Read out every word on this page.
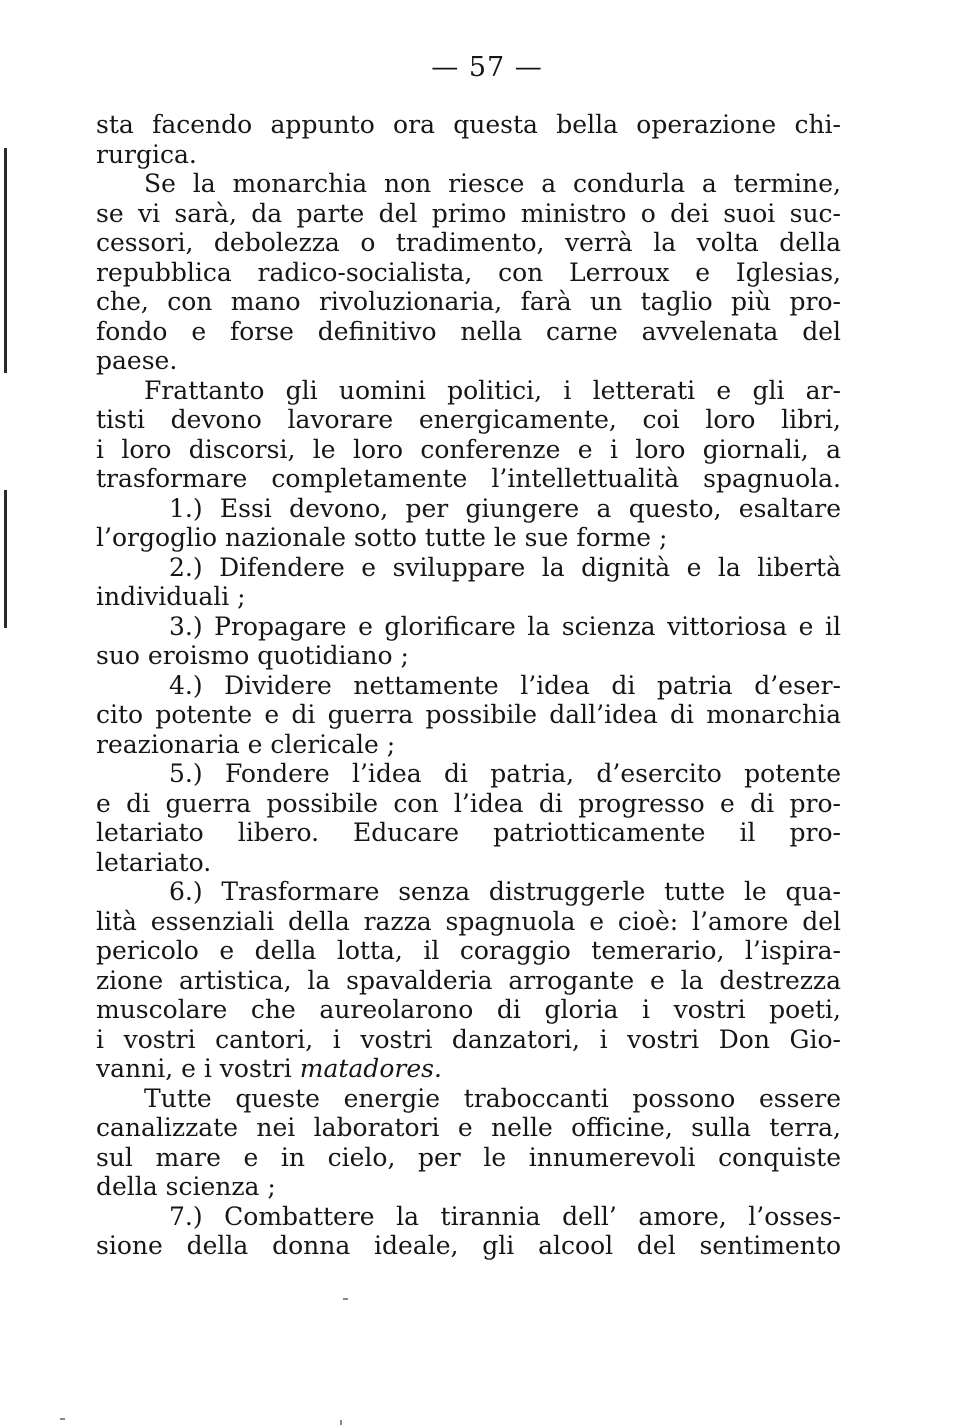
— 57 —
sta facendo appunto ora questa bella operazione chi-
rurgica.
Se la monarchia non riesce a condurla a termine,
se vi sarà, da parte del primo ministro o dei suoi suc-
cessori, debolezza o tradimento, verrà la volta della
repubblica radico-socialista, con Lerroux e Iglesias,
che, con mano rivoluzionaria, farà un taglio più pro-
fondo e forse definitivo nella carne avvelenata del
paese.
Frattanto gli uomini politici, i letterati e gli ar-
tisti devono lavorare energicamente, coi loro libri,
i loro discorsi, le loro conferenze e i loro giornali, a
trasformare completamente l’intellettualità spagnuola.
1.) Essi devono, per giungere a questo, esaltare
l’orgoglio nazionale sotto tutte le sue forme ;
2.) Difendere e sviluppare la dignità e la libertà
individuali ;
3.) Propagare e glorificare la scienza vittoriosa e il
suo eroismo quotidiano ;
4.) Dividere nettamente l’idea di patria d’eser-
cito potente e di guerra possibile dall’idea di monarchia
reazionaria e clericale ;
5.) Fondere l’idea di patria, d’esercito potente
e di guerra possibile con l’idea di progresso e di pro-
letariato libero. Educare patriotticamente il pro-
letariato.
6.) Trasformare senza distruggerle tutte le qua-
lità essenziali della razza spagnuola e cioè: l’amore del
pericolo e della lotta, il coraggio temerario, l’ispira-
zione artistica, la spavalderia arrogante e la destrezza
muscolare che aureolarono di gloria i vostri poeti,
i vostri cantori, i vostri danzatori, i vostri Don Gio-
vanni, e i vostri matadores.
Tutte queste energie traboccanti possono essere
canalizzate nei laboratori e nelle officine, sulla terra,
sul mare e in cielo, per le innumerevoli conquiste
della scienza ;
7.) Combattere la tirannia dell’ amore, l’osses-
sione della donna ideale, gli alcool del sentimento
